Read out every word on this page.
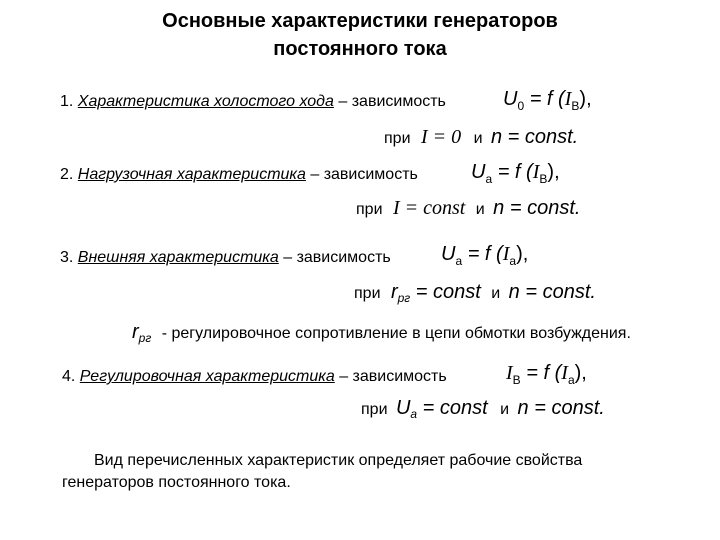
Основные характеристики генераторов
постоянного тока
1. Характеристика холостого хода – зависимость	$U_0 = f$ $(I_В)$,
при I = 0 и n = const.
2. Нагрузочная характеристика – зависимость	$U_а = f$ $(I_В)$,
при I = const и n = const.
3. Внешняя характеристика – зависимость	$U_а = f$ $(I_а)$,
при $r_{рг}$ = const и n = const.
$r_{рг}$ - регулировочное сопротивление в цепи обмотки возбуждения.
4. Регулировочная характеристика – зависимость	$I_В = f$ $(I_а)$,
при $U_а$ = const и n = const.
Вид перечисленных характеристик определяет рабочие свойства
генераторов постоянного тока.
